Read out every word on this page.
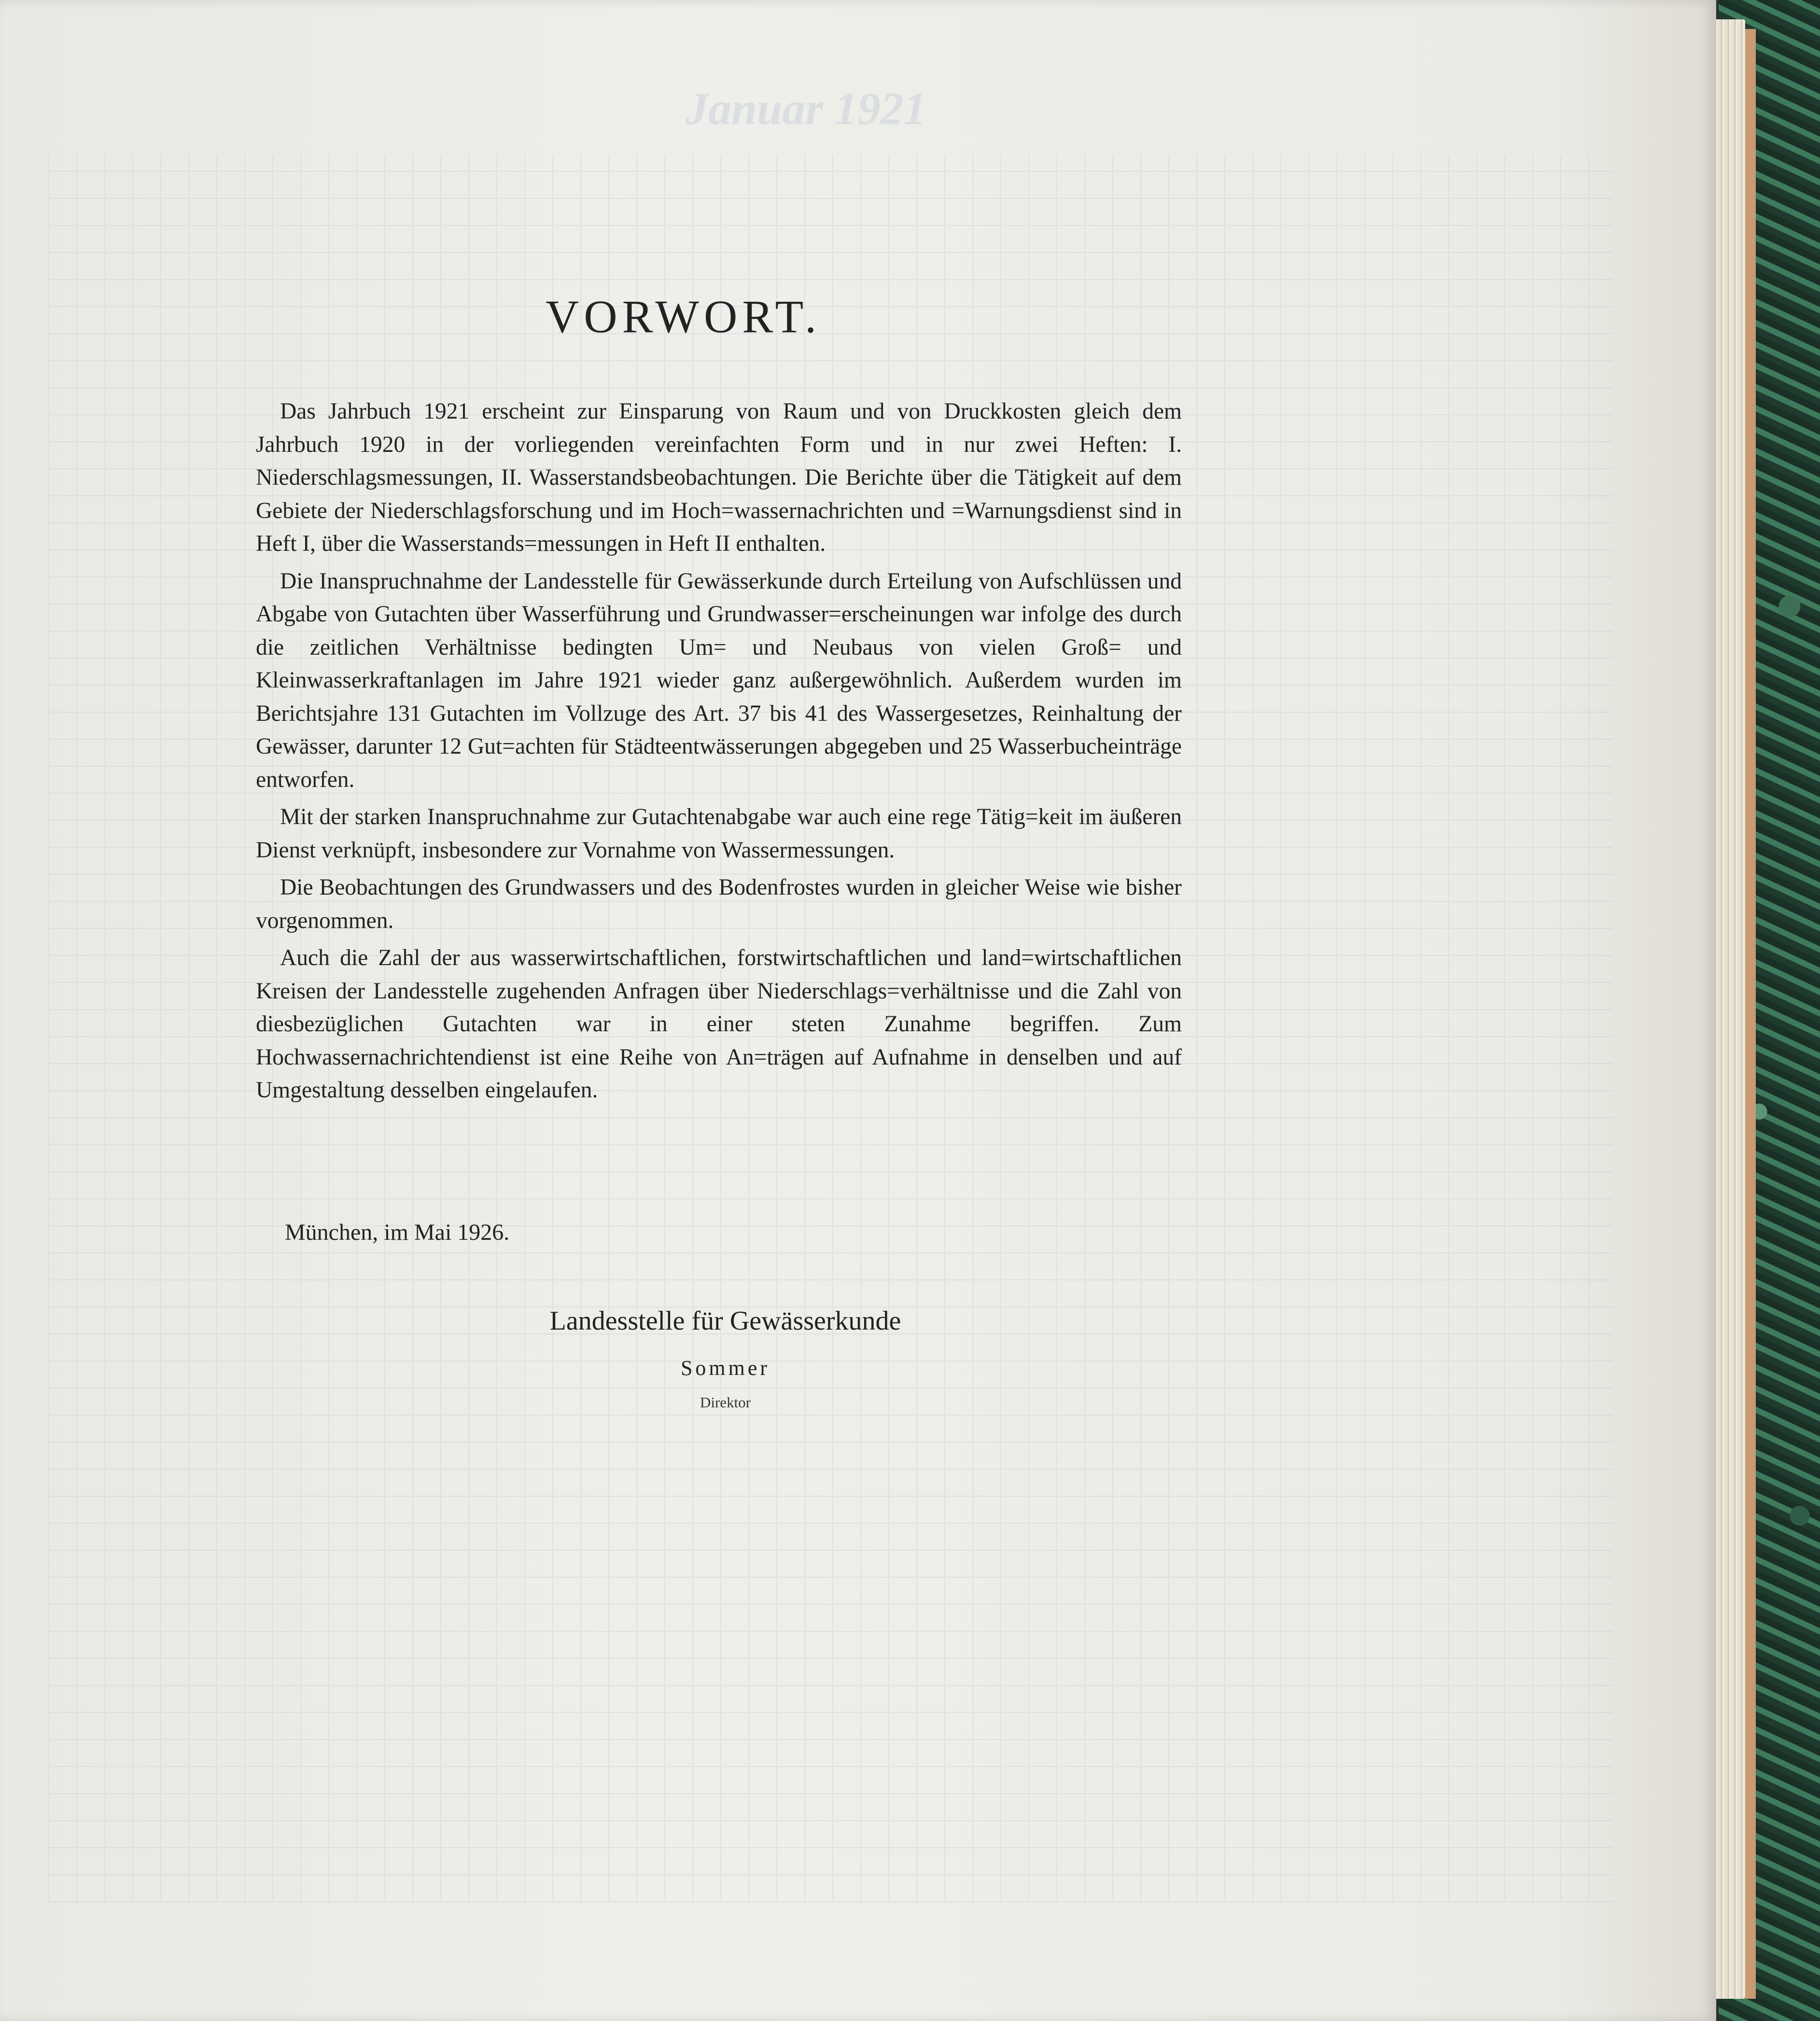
Januar 1921
VORWORT.

Das Jahrbuch 1921 erscheint zur Einsparung von Raum und von Druckkosten gleich dem Jahrbuch 1920 in der vorliegenden vereinfachten Form und in nur zwei Heften: I. Niederschlagsmessungen, II. Wasserstandsbeobachtungen. Die Berichte über die Tätigkeit auf dem Gebiete der Niederschlagsforschung und im Hoch=wassernachrichten und =Warnungsdienst sind in Heft I, über die Wasserstands=messungen in Heft II enthalten.

Die Inanspruchnahme der Landesstelle für Gewässerkunde durch Erteilung von Aufschlüssen und Abgabe von Gutachten über Wasserführung und Grundwasser=erscheinungen war infolge des durch die zeitlichen Verhältnisse bedingten Um= und Neubaus von vielen Groß= und Kleinwasserkraftanlagen im Jahre 1921 wieder ganz außergewöhnlich. Außerdem wurden im Berichtsjahre 131 Gutachten im Vollzuge des Art. 37 bis 41 des Wassergesetzes, Reinhaltung der Gewässer, darunter 12 Gut=achten für Städteentwässerungen abgegeben und 25 Wasserbucheinträge entworfen.

Mit der starken Inanspruchnahme zur Gutachtenabgabe war auch eine rege Tätig=keit im äußeren Dienst verknüpft, insbesondere zur Vornahme von Wassermessungen.

Die Beobachtungen des Grundwassers und des Bodenfrostes wurden in gleicher Weise wie bisher vorgenommen.

Auch die Zahl der aus wasserwirtschaftlichen, forstwirtschaftlichen und land=wirtschaftlichen Kreisen der Landesstelle zugehenden Anfragen über Niederschlags=verhältnisse und die Zahl von diesbezüglichen Gutachten war in einer steten Zunahme begriffen. Zum Hochwassernachrichtendienst ist eine Reihe von An=trägen auf Aufnahme in denselben und auf Umgestaltung desselben eingelaufen.

München, im Mai 1926.
Landesstelle für Gewässerkunde
Sommer
Direktor
